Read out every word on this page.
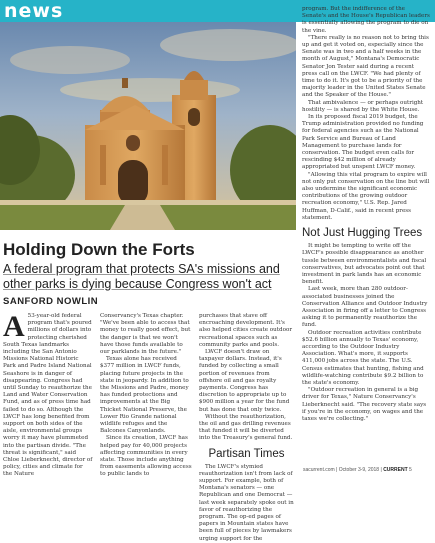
news	program. But the indifference of the Senate's and the House's Republican leaders is essentially allowing the program to die on the vine.

"There really is no reason not to bring this up and get it voted on, especially since the Senate was in two and a half weeks in the month of August," Montana's Democratic Senator Jon Tester said during a recent press call on the LWCF. "We had plenty of time to do it. It's got to be a priority of the majority leader in the United States Senate and the Speaker of the House."

That ambivalence — or perhaps outright hostility — is shared by the White House.

In its proposed fiscal 2019 budget, the Trump administration provided no funding for federal agencies such as the National Park Service and Bureau of Land Management to purchase lands for conservation. The budget even calls for rescinding $42 million of already appropriated but unspent LWCF money.

"Allowing this vital program to expire will not only put conservation on the line but will also undermine the significant economic contributions of the growing outdoor recreation economy," U.S. Rep. Jared Huffman, D-Calif., said in recent press statement.

Not Just Hugging Trees

It might be tempting to write off the LWCF's possible disappearance as another tussle between environmentalists and fiscal conservatives, but advocates point out that investment in park lands has an economic benefit.

Last week, more than 280 outdoor-associated businesses joined the Conservation Alliance and Outdoor Industry Association in firing off a letter to Congress asking it to permanently reauthorize the fund.

Outdoor recreation activities contribute $52.6 billion annually to Texas' economy, according to the Outdoor Industry Association. What's more, it supports 411,000 jobs across the state. The U.S. Census estimates that hunting, fishing and wildlife-watching contribute $9.2 billion to the state's economy.

"Outdoor recreation in general is a big driver for Texas," Nature Conservancy's Lieberknecht said. "The recovery state says if you're in the economy, on wages and the taxes we're collecting."

Holding Down the Forts
A federal program that protects SA's missions and other parks is dying because Congress won't act
SANFORD NOWLIN
A 53-year-old federal program that's poured millions of dollars into protecting cherished South Texas landmarks including the San Antonio Missions National Historic Park and Padre Island National Seashore is in danger of disappearing. Congress had until Sunday to reauthorize the Land and Water Conservation Fund, and as of press time had failed to do so. Although the LWCF has long benefited from support on both sides of the aisle, environmental groups worry it may have plummeted into the partisan divide. "The threat is significant," said Chloe Lieberknecht, director of policy, cities and climate for the Nature

Conservancy's Texas chapter. "We've been able to access that money to really good effect, but the danger is that we won't have those funds available to our parklands in the future."

Texas alone has received $377 million in LWCF funds, placing future projects in the state in jeopardy. In addition to the Missions and Padre, money has funded protections and improvements at the Big Thicket National Preserve, the Lower Rio Grande national wildlife refuges and the Balcones Canyonlands.

Since its creation, LWCF has helped pay for 40,000 projects affecting communities in every state. Those include anything from easements allowing access to public lands to

purchases that stave off encroaching development. It's also helped cities create outdoor recreational spaces such as community parks and pools.

LWCF doesn't draw on taxpayer dollars. Instead, it's funded by collecting a small portion of revenues from offshore oil and gas royalty payments. Congress has discretion to appropriate up to $900 million a year for the fund but has done that only twice.

Without the reauthorization, the oil and gas drilling revenues that funded it will be diverted into the Treasury's general fund.

Partisan Times

The LWCF's stymied reauthorization isn't from lack of support. For example, both of Montana's senators — one Republican and one Democrat — last week separately spoke out in favor of reauthorizing the program. The op-ed pages of papers in Mountain states have been full of pieces by lawmakers urging support for the

sacurrent.com | October 3-9, 2018 | CURRENT 5
